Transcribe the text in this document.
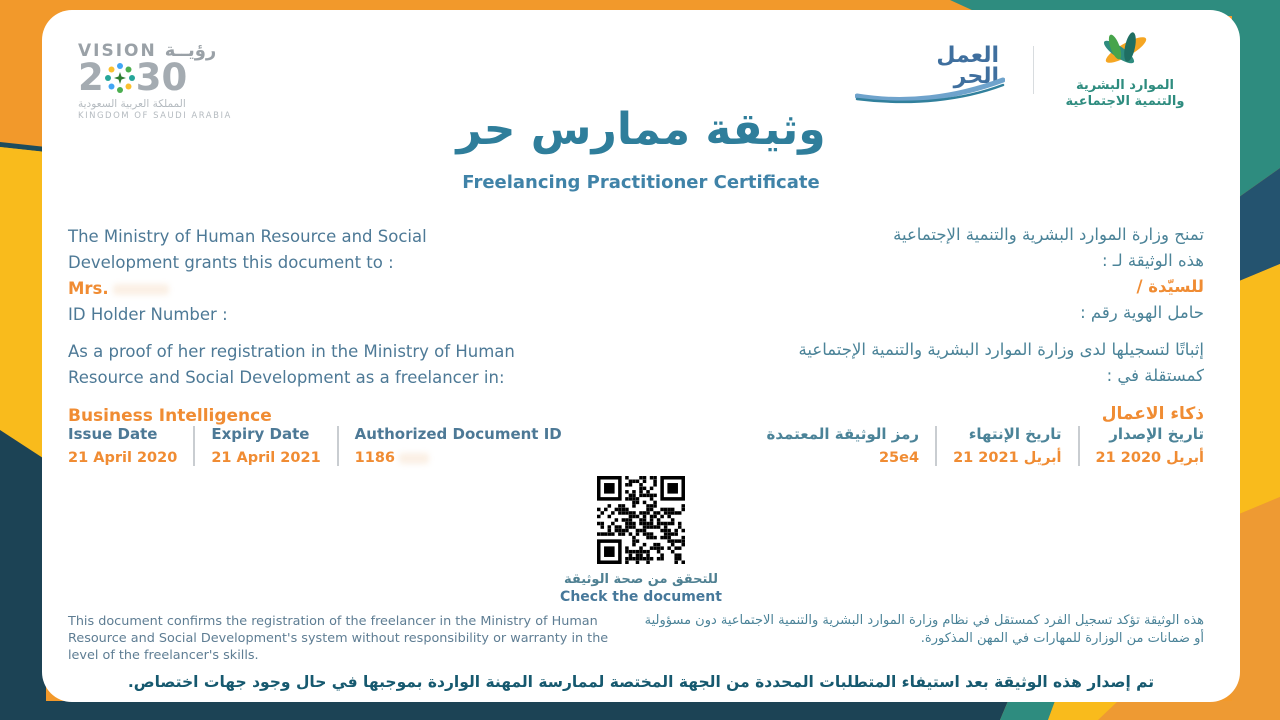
VISION رؤيــة
2 30
المملكة العربية السعودية
KINGDOM OF SAUDI ARABIA
العمل
الحر	الموارد البشرية
والتنمية الاجتماعية
وثيقة ممارس حر
Freelancing Practitioner Certificate
The Ministry of Human Resource and Social
Development grants this document to :
Mrs.
ID Holder Number :
تمنح وزارة الموارد البشرية والتنمية الإجتماعية
هذه الوثيقة لـ :
للسيّدة /
حامل الهوية رقم :
As a proof of her registration in the Ministry of Human
Resource and Social Development as a freelancer in:
Business Intelligence
إثباتًا لتسجيلها لدى وزارة الموارد البشرية والتنمية الإجتماعية
كمستقلة في :
ذكاء الاعمال
Issue Date
21 April 2020
Expiry Date
21 April 2021
Authorized Document ID
1186
تاريخ الإصدار
21 أبريل 2020
تاريخ الإنتهاء
21 أبريل 2021
رمز الوثيقة المعتمدة
25e4
للتحقق من صحة الوثيقة
Check the document
This document confirms the registration of the freelancer in the Ministry of Human Resource and Social Development's system without responsibility or warranty in the level of the freelancer's skills.
هذه الوثيقة تؤكد تسجيل الفرد كمستقل في نظام وزارة الموارد البشرية والتنمية الاجتماعية دون مسؤولية أو ضمانات من الوزارة للمهارات في المهن المذكورة.
تم إصدار هذه الوثيقة بعد استيفاء المتطلبات المحددة من الجهة المختصة لممارسة المهنة الواردة بموجبها في حال وجود جهات اختصاص.
